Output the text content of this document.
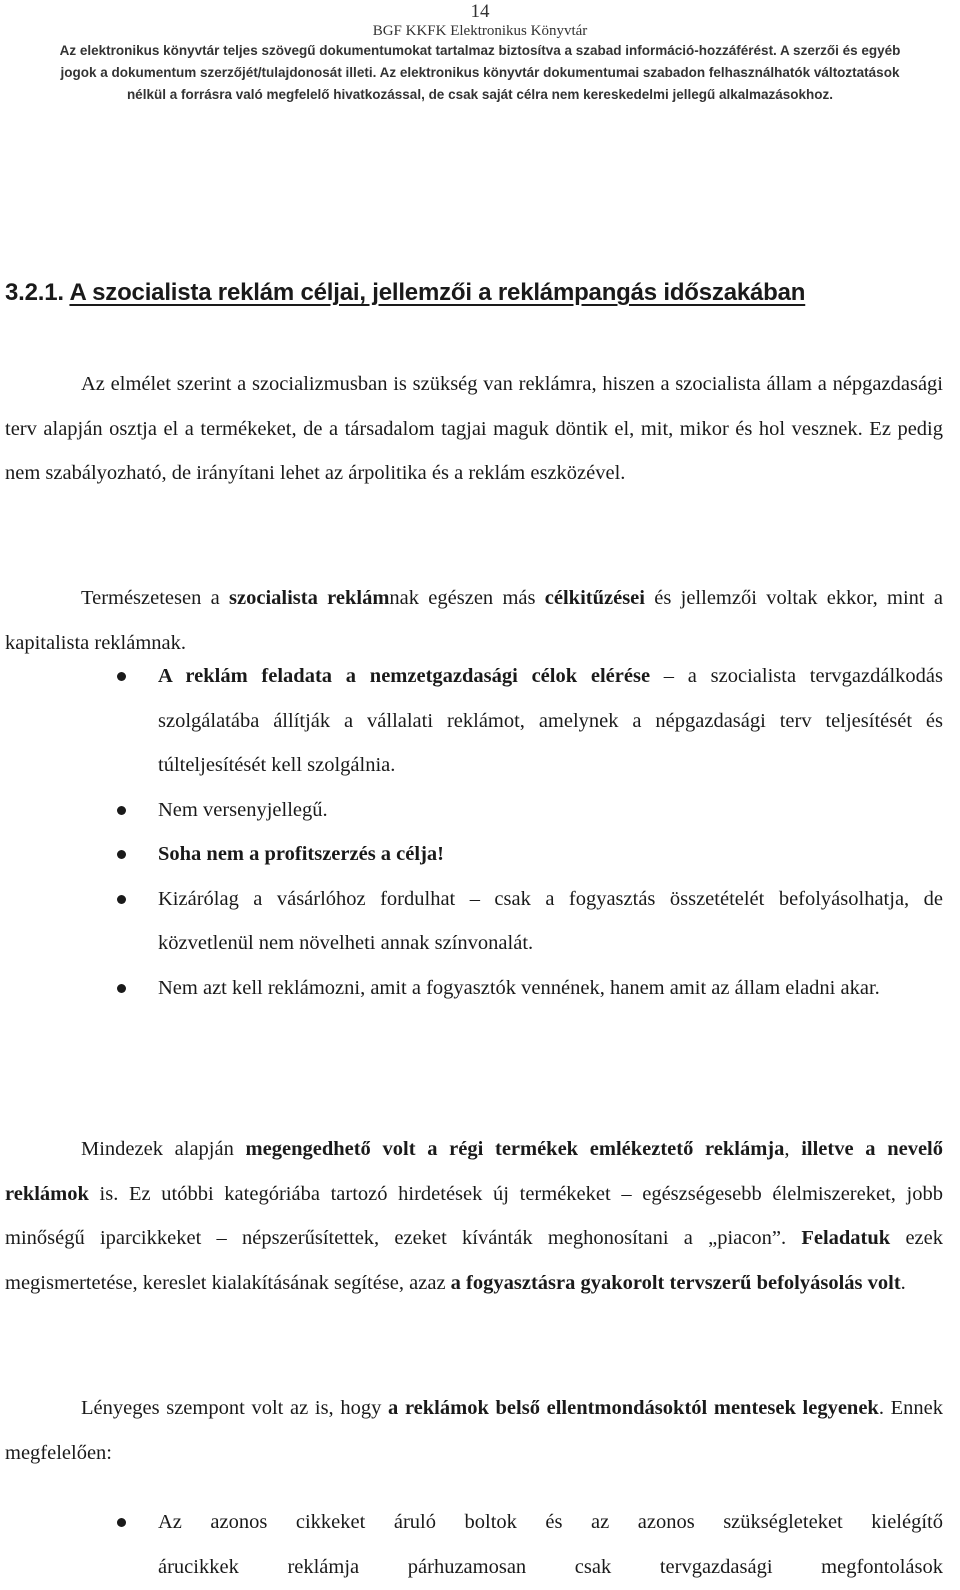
14
BGF KKFK Elektronikus Könyvtár
Az elektronikus könyvtár teljes szövegű dokumentumokat tartalmaz biztosítva a szabad információ-hozzáférést. A szerzői és egyéb
jogok a dokumentum szerzőjét/tulajdonosát illeti. Az elektronikus könyvtár dokumentumai szabadon felhasználhatók változtatások
nélkül a forrásra való megfelelő hivatkozással, de csak saját célra nem kereskedelmi jellegű alkalmazásokhoz.
3.2.1. A szocialista reklám céljai, jellemzői a reklámpangás időszakában

Az elmélet szerint a szocializmusban is szükség van reklámra, hiszen a szocialista állam a népgazdasági terv alapján osztja el a termékeket, de a társadalom tagjai maguk döntik el, mit, mikor és hol vesznek. Ez pedig nem szabályozható, de irányítani lehet az árpolitika és a reklám eszközével.

Természetesen a szocialista reklámnak egészen más célkitűzései és jellemzői voltak ekkor, mint a kapitalista reklámnak.

A reklám feladata a nemzetgazdasági célok elérése – a szocialista tervgazdálkodás szolgálatába állítják a vállalati reklámot, amelynek a népgazdasági terv teljesítését és túlteljesítését kell szolgálnia.
Nem versenyjellegű.
Soha nem a profitszerzés a célja!
Kizárólag a vásárlóhoz fordulhat – csak a fogyasztás összetételét befolyásolhatja, de közvetlenül nem növelheti annak színvonalát.
Nem azt kell reklámozni, amit a fogyasztók vennének, hanem amit az állam eladni akar.

Mindezek alapján megengedhető volt a régi termékek emlékeztető reklámja, illetve a nevelő reklámok is. Ez utóbbi kategóriába tartozó hirdetések új termékeket – egészségesebb élelmiszereket, jobb minőségű iparcikkeket – népszerűsítettek, ezeket kívánták meghonosítani a „piacon”. Feladatuk ezek megismertetése, kereslet kialakításának segítése, azaz a fogyasztásra gyakorolt tervszerű befolyásolás volt.

Lényeges szempont volt az is, hogy a reklámok belső ellentmondásoktól mentesek legyenek. Ennek megfelelően:

Az azonos cikkeket áruló boltok és az azonos szükségleteket kielégítő
árucikkek reklámja párhuzamosan csak tervgazdasági megfontolások
